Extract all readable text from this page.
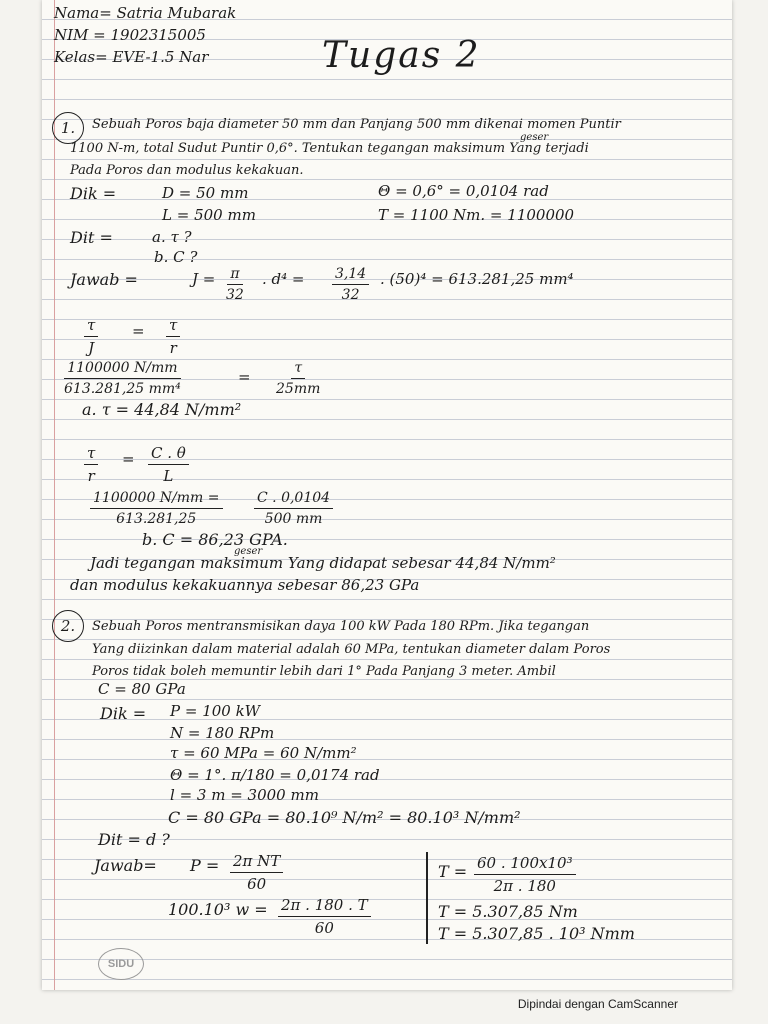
Nama= Satria Mubarak
NIM = 1902315005
Kelas= EVE-1.5 Nar	Tugas 2
1.	Sebuah Poros baja diameter 50 mm dan Panjang 500 mm dikenai momen Puntir
1100 N-m, total Sudut Puntir 0,6°. Tentukan tegangan maksimum Yang terjadi
geser
Pada Poros dan modulus kekakuan.
Dik =	D = 50 mm
L = 500 mm
Θ = 0,6° = 0,0104 rad
T = 1100 Nm. = 1100000
Dit =	a. τ ?
b. C ?
Jawab =	$J = \frac{\pi}{32}$ . $d^4 = \frac{3,14}{32}$ . (50)⁴ = 613.281,25 mm⁴
$\frac{\tau}{J} = \frac{\tau}{r}$
$\frac{1100000 N/mm}{\text{613.281,25 mm⁴}}$	= $\frac{\tau}{25mm}$
a. τ = 44,84 N/mm²
$\frac{\tau}{r} = \frac{C . \theta}{L}$
$\frac{1100000 N/mm =}{613.281,25} \frac{C . 0,0104}{500 mm}$
b. C = 86,23 GPA.
geser
Jadi tegangan maksimum Yang didapat sebesar 44,84 N/mm²
dan modulus kekakuannya sebesar 86,23 GPa
2.	Sebuah Poros mentransmisikan daya 100 kW Pada 180 RPm. Jika tegangan
Yang diizinkan dalam material adalah 60 MPa, tentukan diameter dalam Poros
Poros tidak boleh memuntir lebih dari 1° Pada Panjang 3 meter. Ambil
C = 80 GPa
Dik = P = 100 kW
N = 180 RPm
τ = 60 MPa = 60 N/mm²
Θ = 1°. π/180 = 0,0174 rad
l = 3 m = 3000 mm
C = 80 GPa = 80.10⁹ N/m² = 80.10³ N/mm²
Dit = d ?
Jawab= $P = \frac{\text{2π NT}}{60}$
100.10³ $w = \frac{2\pi . 180 . T}{60}$
$T = \frac{\text{60 . 100x10³}}{2\pi . 180}$
T = 5.307,85 Nm
T = 5.307,85 . 10³ Nmm
SIDU
Dipindai dengan CamScanner
